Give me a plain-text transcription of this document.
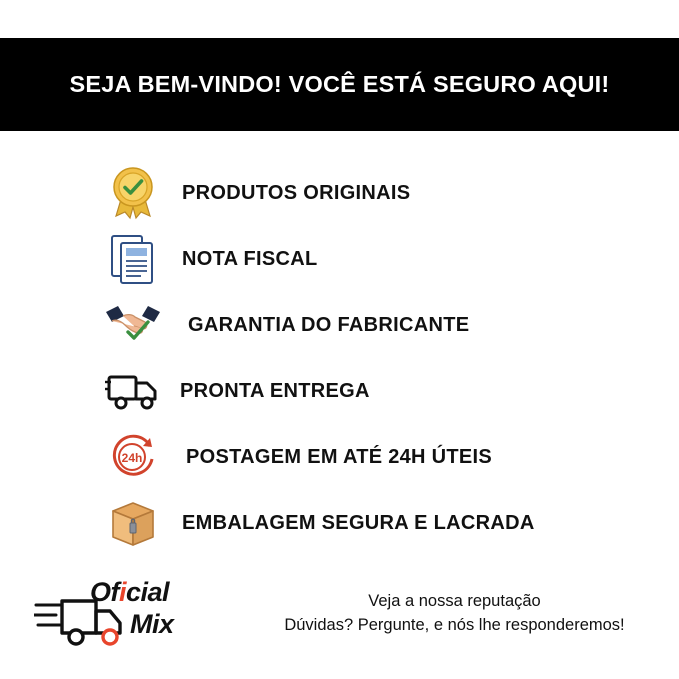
SEJA BEM-VINDO! VOCÊ ESTÁ SEGURO AQUI!
PRODUTOS ORIGINAIS
NOTA FISCAL
GARANTIA DO FABRICANTE
PRONTA ENTREGA
24h POSTAGEM EM ATÉ 24H ÚTEIS
EMBALAGEM SEGURA E LACRADA
Oficial
Mix
Veja a nossa reputação
Dúvidas? Pergunte, e nós lhe responderemos!
